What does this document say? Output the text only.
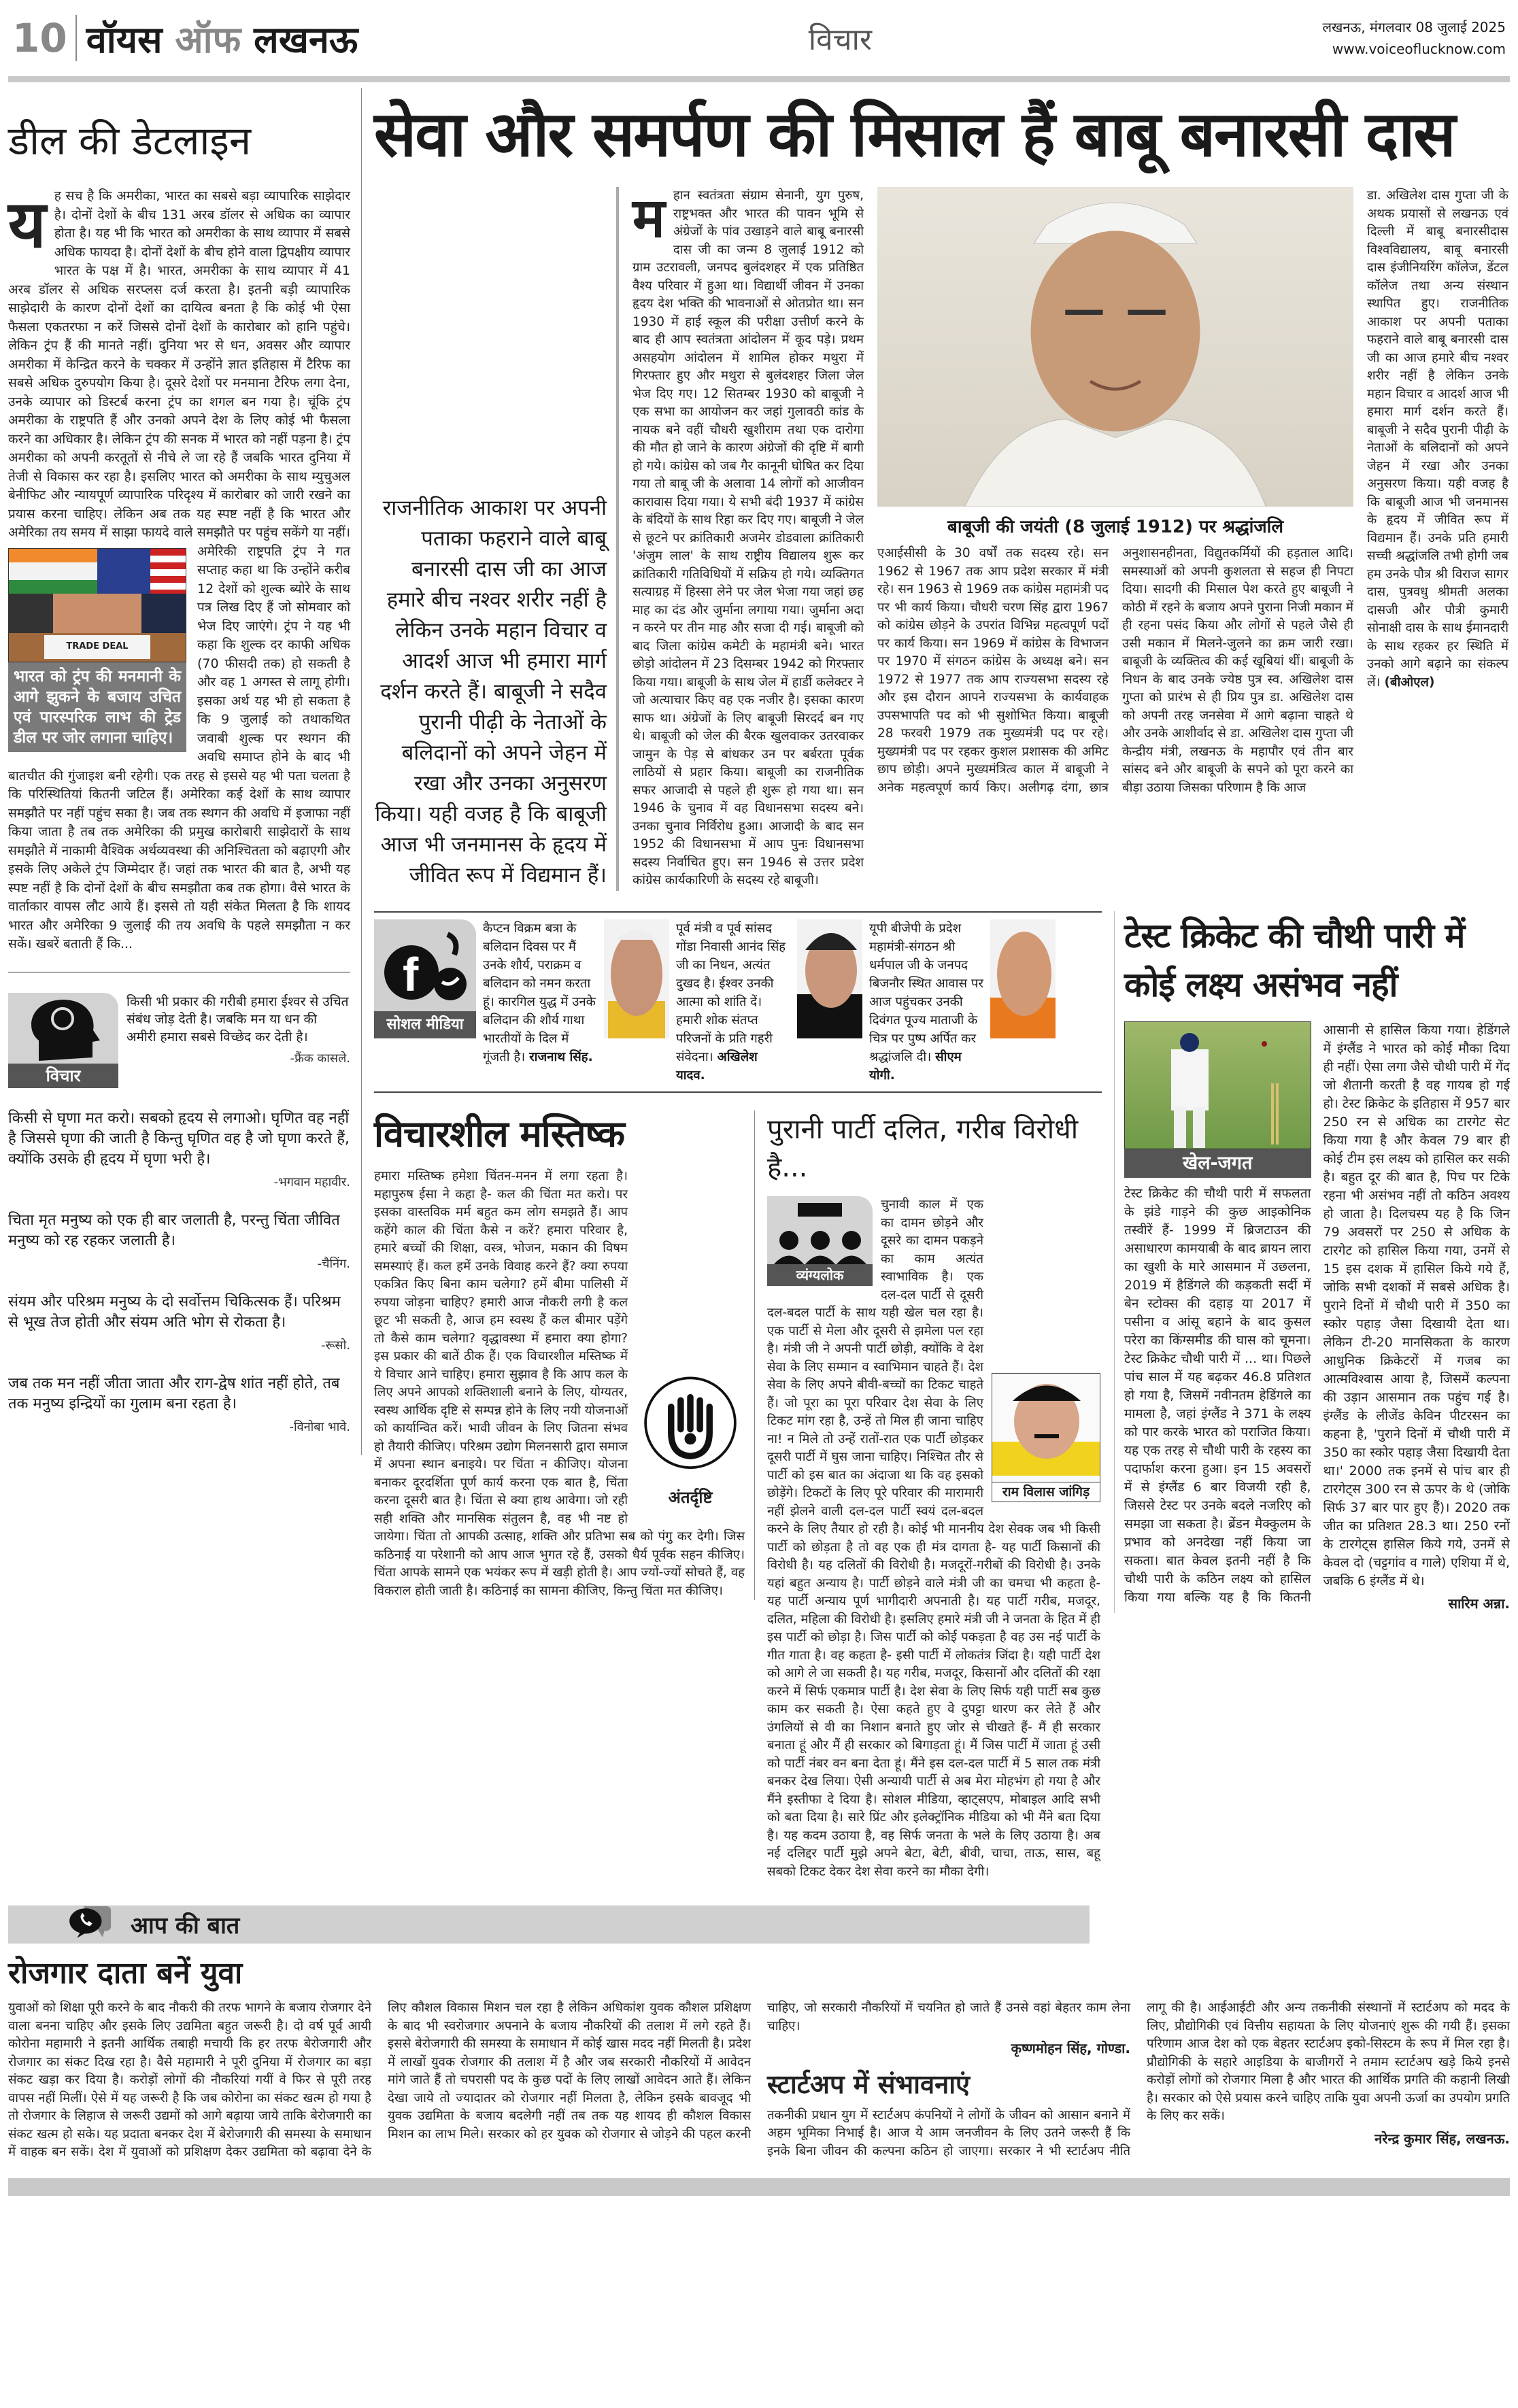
10 वॉयस ऑफ लखनऊ	विचार	लखनऊ, मंगलवार 08 जुलाई 2025
www.voiceoflucknow.com
डील की डेटलाइन
य ह सच है कि अमरीका, भारत का सबसे बड़ा व्यापारिक साझेदार है। दोनों देशों के बीच 131 अरब डॉलर से अधिक का व्यापार होता है। यह भी कि भारत को अमरीका के साथ व्यापार में सबसे अधिक फायदा है। दोनों देशों के बीच होने वाला द्विपक्षीय व्यापार भारत के पक्ष में है। भारत, अमरीका के साथ व्यापार में 41 अरब डॉलर से अधिक सरप्लस दर्ज करता है। इतनी बड़ी व्यापारिक साझेदारी के कारण दोनों देशों का दायित्व बनता है कि कोई भी ऐसा फैसला एकतरफा न करें जिससे दोनों देशों के कारोबार को हानि पहुंचे। लेकिन ट्रंप हैं की मानते नहीं। दुनिया भर से धन, अवसर और व्यापार अमरीका में केन्द्रित करने के चक्कर में उन्होंने ज्ञात इतिहास में टैरिफ का सबसे अधिक दुरुपयोग किया है। दूसरे देशों पर मनमाना टैरिफ लगा देना, उनके व्यापार को डिस्टर्ब करना ट्रंप का शगल बन गया है। चूंकि ट्रंप अमरीका के राष्ट्रपति हैं और उनको अपने देश के लिए कोई भी फैसला करने का अधिकार है। लेकिन ट्रंप की सनक में भारत को नहीं पड़ना है। ट्रंप अमरीका को अपनी करतूतों से नीचे ले जा रहे हैं जबकि भारत दुनिया में तेजी से विकास कर रहा है। इसलिए भारत को अमरीका के साथ म्युचुअल बेनीफिट और न्यायपूर्ण व्यापारिक परिदृश्य में कारोबार को जारी रखने का प्रयास करना चाहिए। लेकिन अब तक यह स्पष्ट नहीं है कि भारत और अमेरिका तय समय में साझा फायदे वाले समझौते पर पहुंच सकेंगे या नहीं।
TRADE DEAL
भारत को ट्रंप की मनमानी के आगे झुकने के बजाय उचित एवं पारस्परिक लाभ की ट्रेड डील पर जोर लगाना चाहिए।
अमेरिकी राष्ट्रपति ट्रंप ने गत सप्ताह कहा था कि उन्होंने करीब 12 देशों को शुल्क ब्योरे के साथ पत्र लिख दिए हैं जो सोमवार को भेज दिए जाएंगे। ट्रंप ने यह भी कहा कि शुल्क दर काफी अधिक (70 फीसदी तक) हो सकती है और वह 1 अगस्त से लागू होगी। इसका अर्थ यह भी हो सकता है कि 9 जुलाई को तथाकथित जवाबी शुल्क पर स्थगन की अवधि समाप्त होने के बाद भी बातचीत की गुंजाइश बनी रहेगी। एक तरह से इससे यह भी पता चलता है कि परिस्थितियां कितनी जटिल हैं। अमेरिका कई देशों के साथ व्यापार समझौते पर नहीं पहुंच सका है। जब तक स्थगन की अवधि में इजाफा नहीं किया जाता है तब तक अमेरिका की प्रमुख कारोबारी साझेदारों के साथ समझौते में नाकामी वैश्विक अर्थव्यवस्था की अनिश्चितता को बढ़ाएगी और इसके लिए अकेले ट्रंप जिम्मेदार हैं। जहां तक भारत की बात है, अभी यह स्पष्ट नहीं है कि दोनों देशों के बीच समझौता कब तक होगा। वैसे भारत के वार्ताकार वापस लौट आये हैं। इससे तो यही संकेत मिलता है कि शायद भारत और अमेरिका 9 जुलाई की तय अवधि के पहले समझौता न कर सकें। खबरें बताती हैं कि...
विचार
किसी भी प्रकार की गरीबी हमारा ईश्वर से उचित संबंध जोड़ देती है। जबकि मन या धन की अमीरी हमारा सबसे विच्छेद कर देती है।
-फ्रैंक कासले.
किसी से घृणा मत करो। सबको हृदय से लगाओ। घृणित वह नहीं है जिससे घृणा की जाती है किन्तु घृणित वह है जो घृणा करते हैं, क्योंकि उसके ही हृदय में घृणा भरी है।
-भगवान महावीर.
चिता मृत मनुष्य को एक ही बार जलाती है, परन्तु चिंता जीवित मनुष्य को रह रहकर जलाती है।
-चैनिंग.
संयम और परिश्रम मनुष्य के दो सर्वोत्तम चिकित्सक हैं। परिश्रम से भूख तेज होती और संयम अति भोग से रोकता है।
-रूसो.
जब तक मन नहीं जीता जाता और राग-द्वेष शांत नहीं होते, तब तक मनुष्य इन्द्रियों का गुलाम बना रहता है।
-विनोबा भावे.
सेवा और समर्पण की मिसाल हैं बाबू बनारसी दास
राजनीतिक आकाश पर अपनी पताका फहराने वाले बाबू बनारसी दास जी का आज हमारे बीच नश्वर शरीर नहीं है लेकिन उनके महान विचार व आदर्श आज भी हमारा मार्ग दर्शन करते हैं। बाबूजी ने सदैव पुरानी पीढ़ी के नेताओं के बलिदानों को अपने जेहन में रखा और उनका अनुसरण किया। यही वजह है कि बाबूजी आज भी जनमानस के हृदय में जीवित रूप में विद्यमान हैं।
म हान स्वतंत्रता संग्राम सेनानी, युग पुरुष, राष्ट्रभक्त और भारत की पावन भूमि से अंग्रेजों के पांव उखाड़ने वाले बाबू बनारसी दास जी का जन्म 8 जुलाई 1912 को ग्राम उटरावली, जनपद बुलंदशहर में एक प्रतिष्ठित वैश्य परिवार में हुआ था। विद्यार्थी जीवन में उनका हृदय देश भक्ति की भावनाओं से ओतप्रोत था। सन 1930 में हाई स्कूल की परीक्षा उत्तीर्ण करने के बाद ही आप स्वतंत्रता आंदोलन में कूद पड़े। प्रथम असहयोग आंदोलन में शामिल होकर मथुरा में गिरफ्तार हुए और मथुरा से बुलंदशहर जिला जेल भेज दिए गए। 12 सितम्बर 1930 को बाबूजी ने एक सभा का आयोजन कर जहां गुलावठी कांड के नायक बने वहीं चौधरी खुशीराम तथा एक दारोगा की मौत हो जाने के कारण अंग्रेजों की दृष्टि में बागी हो गये। कांग्रेस को जब गैर कानूनी घोषित कर दिया गया तो बाबू जी के अलावा 14 लोगों को आजीवन कारावास दिया गया। ये सभी बंदी 1937 में कांग्रेस के बंदियों के साथ रिहा कर दिए गए। बाबूजी ने जेल से छूटने पर क्रांतिकारी अजमेर डोडवाला क्रांतिकारी 'अंजुम लाल' के साथ राष्ट्रीय विद्यालय शुरू कर क्रांतिकारी गतिविधियों में सक्रिय हो गये। व्यक्तिगत सत्याग्रह में हिस्सा लेने पर जेल भेजा गया जहां छह माह का दंड और जुर्माना लगाया गया। जुर्माना अदा न करने पर तीन माह और सजा दी गई। बाबूजी को बाद जिला कांग्रेस कमेटी के महामंत्री बने। भारत छोड़ो आंदोलन में 23 दिसम्बर 1942 को गिरफ्तार किया गया। बाबूजी के साथ जेल में हार्डी कलेक्टर ने जो अत्याचार किए वह एक नजीर है। इसका कारण साफ था। अंग्रेजों के लिए बाबूजी सिरदर्द बन गए थे। बाबूजी को जेल की बैरक खुलवाकर उतरवाकर जामुन के पेड़ से बांधकर उन पर बर्बरता पूर्वक लाठियों से प्रहार किया। बाबूजी का राजनीतिक सफर आजादी से पहले ही शुरू हो गया था। सन 1946 के चुनाव में वह विधानसभा सदस्य बने। उनका चुनाव निर्विरोध हुआ। आजादी के बाद सन 1952 की विधानसभा में आप पुनः विधानसभा सदस्य निर्वाचित हुए। सन 1946 से उत्तर प्रदेश कांग्रेस कार्यकारिणी के सदस्य रहे बाबूजी।
बाबूजी की जयंती (8 जुलाई 1912) पर श्रद्धांजलि
एआईसीसी के 30 वर्षों तक सदस्य रहे। सन 1962 से 1967 तक आप प्रदेश सरकार में मंत्री रहे। सन 1963 से 1969 तक कांग्रेस महामंत्री पद पर भी कार्य किया। चौधरी चरण सिंह द्वारा 1967 को कांग्रेस छोड़ने के उपरांत विभिन्न महत्वपूर्ण पदों पर कार्य किया। सन 1969 में कांग्रेस के विभाजन पर 1970 में संगठन कांग्रेस के अध्यक्ष बने। सन 1972 से 1977 तक आप राज्यसभा सदस्य रहे और इस दौरान आपने राज्यसभा के कार्यवाहक उपसभापति पद को भी सुशोभित किया। बाबूजी 28 फरवरी 1979 तक मुख्यमंत्री पद पर रहे। मुख्यमंत्री पद पर रहकर कुशल प्रशासक की अमिट छाप छोड़ी। अपने मुख्यमंत्रित्व काल में बाबूजी ने अनेक महत्वपूर्ण कार्य किए। अलीगढ़ दंगा, छात्र अनुशासनहीनता, विद्युतकर्मियों की हड़ताल आदि। समस्याओं को अपनी कुशलता से सहज ही निपटा दिया। सादगी की मिसाल पेश करते हुए बाबूजी ने कोठी में रहने के बजाय अपने पुराना निजी मकान में ही रहना पसंद किया और लोगों से पहले जैसे ही उसी मकान में मिलने-जुलने का क्रम जारी रखा। बाबूजी के व्यक्तित्व की कई खूबियां थीं। बाबूजी के निधन के बाद उनके ज्येष्ठ पुत्र स्व. अखिलेश दास गुप्ता को प्रारंभ से ही प्रिय पुत्र डा. अखिलेश दास को अपनी तरह जनसेवा में आगे बढ़ाना चाहते थे और उनके आशीर्वाद से डा. अखिलेश दास गुप्ता जी केन्द्रीय मंत्री, लखनऊ के महापौर एवं तीन बार सांसद बने और बाबूजी के सपने को पूरा करने का बीड़ा उठाया जिसका परिणाम है कि आज
डा. अखिलेश दास गुप्ता जी के अथक प्रयासों से लखनऊ एवं दिल्ली में बाबू बनारसीदास विश्वविद्यालय, बाबू बनारसी दास इंजीनियरिंग कॉलेज, डेंटल कॉलेज तथा अन्य संस्थान स्थापित हुए। राजनीतिक आकाश पर अपनी पताका फहराने वाले बाबू बनारसी दास जी का आज हमारे बीच नश्वर शरीर नहीं है लेकिन उनके महान विचार व आदर्श आज भी हमारा मार्ग दर्शन करते हैं। बाबूजी ने सदैव पुरानी पीढ़ी के नेताओं के बलिदानों को अपने जेहन में रखा और उनका अनुसरण किया। यही वजह है कि बाबूजी आज भी जनमानस के हृदय में जीवित रूप में विद्यमान हैं। उनके प्रति हमारी सच्ची श्रद्धांजलि तभी होगी जब हम उनके पौत्र श्री विराज सागर दास, पुत्रवधु श्रीमती अलका दासजी और पौत्री कुमारी सोनाक्षी दास के साथ ईमानदारी के साथ रहकर हर स्थिति में उनको आगे बढ़ाने का संकल्प लें। (बीओएल)
f
सोशल मीडिया
कैप्टन विक्रम बत्रा के बलिदान दिवस पर मैं उनके शौर्य, पराक्रम व बलिदान को नमन करता हूं। कारगिल युद्ध में उनके बलिदान की शौर्य गाथा भारतीयों के दिल में गूंजती है। राजनाथ सिंह.
पूर्व मंत्री व पूर्व सांसद गोंडा निवासी आनंद सिंह जी का निधन, अत्यंत दुखद है। ईश्वर उनकी आत्मा को शांति दें। हमारी शोक संतप्त परिजनों के प्रति गहरी संवेदना। अखिलेश यादव.
यूपी बीजेपी के प्रदेश महामंत्री-संगठन श्री धर्मपाल जी के जनपद बिजनौर स्थित आवास पर आज पहुंचकर उनकी दिवंगत पूज्य माताजी के चित्र पर पुष्प अर्पित कर श्रद्धांजलि दी। सीएम योगी.
विचारशील मस्तिष्क
अंतर्दृष्टि
हमारा मस्तिष्क हमेशा चिंतन-मनन में लगा रहता है। महापुरुष ईसा ने कहा है- कल की चिंता मत करो। पर इसका वास्तविक मर्म बहुत कम लोग समझते हैं। आप कहेंगे काल की चिंता कैसे न करें? हमारा परिवार है, हमारे बच्चों की शिक्षा, वस्त्र, भोजन, मकान की विषम समस्याएं हैं। कल हमें उनके विवाह करने हैं? क्या रुपया एकत्रित किए बिना काम चलेगा? हमें बीमा पालिसी में रुपया जोड़ना चाहिए? हमारी आज नौकरी लगी है कल छूट भी सकती है, आज हम स्वस्थ हैं कल बीमार पड़ेंगे तो कैसे काम चलेगा? वृद्धावस्था में हमारा क्या होगा? इस प्रकार की बातें ठीक हैं। एक विचारशील मस्तिष्क में ये विचार आने चाहिए। हमारा सुझाव है कि आप कल के लिए अपने आपको शक्तिशाली बनाने के लिए, योग्यतर, स्वस्थ आर्थिक दृष्टि से सम्पन्न होने के लिए नयी योजनाओं को कार्यान्वित करें। भावी जीवन के लिए जितना संभव हो तैयारी कीजिए। परिश्रम उद्योग मिलनसारी द्वारा समाज में अपना स्थान बनाइये। पर चिंता न कीजिए। योजना बनाकर दूरदर्शिता पूर्ण कार्य करना एक बात है, चिंता करना दूसरी बात है। चिंता से क्या हाथ आवेगा। जो रही सही शक्ति और मानसिक संतुलन है, वह भी नष्ट हो जायेगा। चिंता तो आपकी उत्साह, शक्ति और प्रतिभा सब को पंगु कर देगी। जिस कठिनाई या परेशानी को आप आज भुगत रहे हैं, उसको धैर्य पूर्वक सहन कीजिए। चिंता आपके सामने एक भयंकर रूप में खड़ी होती है। आप ज्यों-ज्यों सोचते हैं, वह विकराल होती जाती है। कठिनाई का सामना कीजिए, किन्तु चिंता मत कीजिए।
पुरानी पार्टी दलित, गरीब विरोधी है...
व्यंग्यलोक
राम विलास जांगिड़
चुनावी काल में एक का दामन छोड़ने और दूसरे का दामन पकड़ने का काम अत्यंत स्वाभाविक है। एक दल-दल पार्टी से दूसरी दल-बदल पार्टी के साथ यही खेल चल रहा है। एक पार्टी से मेला और दूसरी से झमेला पल रहा है। मंत्री जी ने अपनी पार्टी छोड़ी, क्योंकि वे देश सेवा के लिए सम्मान व स्वाभिमान चाहते हैं। देश सेवा के लिए अपने बीवी-बच्चों का टिकट चाहते हैं। जो पूरा का पूरा परिवार देश सेवा के लिए टिकट मांग रहा है, उन्हें तो मिल ही जाना चाहिए ना! न मिले तो उन्हें रातों-रात एक पार्टी छोड़कर दूसरी पार्टी में घुस जाना चाहिए। निश्चित तौर से पार्टी को इस बात का अंदाजा था कि वह इसको छोड़ेंगे। टिकटों के लिए पूरे परिवार की मारामारी नहीं झेलने वाली दल-दल पार्टी स्वयं दल-बदल करने के लिए तैयार हो रही है। कोई भी माननीय देश सेवक जब भी किसी पार्टी को छोड़ता है तो वह एक ही मंत्र दागता है- यह पार्टी किसानों की विरोधी है। यह दलितों की विरोधी है। मजदूरों-गरीबों की विरोधी है। उनके यहां बहुत अन्याय है। पार्टी छोड़ने वाले मंत्री जी का चमचा भी कहता है- यह पार्टी अन्याय पूर्ण भागीदारी अपनाती है। यह पार्टी गरीब, मजदूर, दलित, महिला की विरोधी है। इसलिए हमारे मंत्री जी ने जनता के हित में ही इस पार्टी को छोड़ा है। जिस पार्टी को कोई पकड़ता है वह उस नई पार्टी के गीत गाता है। वह कहता है- इसी पार्टी में लोकतंत्र जिंदा है। यही पार्टी देश को आगे ले जा सकती है। यह गरीब, मजदूर, किसानों और दलितों की रक्षा करने में सिर्फ एकमात्र पार्टी है। देश सेवा के लिए सिर्फ यही पार्टी सब कुछ काम कर सकती है। ऐसा कहते हुए वे दुपट्टा धारण कर लेते हैं और उंगलियों से वी का निशान बनाते हुए जोर से चीखते हैं- मैं ही सरकार बनाता हूं और मैं ही सरकार को बिगाड़ता हूं। मैं जिस पार्टी में जाता हूं उसी को पार्टी नंबर वन बना देता हूं। मैंने इस दल-दल पार्टी में 5 साल तक मंत्री बनकर देख लिया। ऐसी अन्यायी पार्टी से अब मेरा मोहभंग हो गया है और मैंने इस्तीफा दे दिया है। सोशल मीडिया, व्हाट्सएप, मोबाइल आदि सभी को बता दिया है। सारे प्रिंट और इलेक्ट्रॉनिक मीडिया को भी मैंने बता दिया है। यह कदम उठाया है, वह सिर्फ जनता के भले के लिए उठाया है। अब नई दलिद्दर पार्टी मुझे अपने बेटा, बेटी, बीवी, चाचा, ताऊ, सास, बहू सबको टिकट देकर देश सेवा करने का मौका देगी।
टेस्ट क्रिकेट की चौथी पारी में कोई लक्ष्य असंभव नहीं
खेल-जगत
टेस्ट क्रिकेट की चौथी पारी में सफलता के झंडे गाड़ने की कुछ आइकोनिक तस्वीरें हैं- 1999 में ब्रिजटाउन की असाधारण कामयाबी के बाद ब्रायन लारा का खुशी के मारे आसमान में उछलना, 2019 में हैडिंगले की कड़कती सर्दी में बेन स्टोक्स की दहाड़ या 2017 में पसीना व आंसू बहाने के बाद कुसल परेरा का किंग्समीड की घास को चूमना। टेस्ट क्रिकेट चौथी पारी में ... था। पिछले पांच साल में यह बढ़कर 46.8 प्रतिशत हो गया है, जिसमें नवीनतम हेडिंगले का मामला है, जहां इंग्लैंड ने 371 के लक्ष्य को पार करके भारत को पराजित किया। यह एक तरह से चौथी पारी के रहस्य का पदार्फाश करना हुआ। इन 15 अवसरों में से इंग्लैंड 6 बार विजयी रही है, जिससे टेस्ट पर उनके बदले नजरिए को समझा जा सकता है। ब्रेंडन मैक्कुलम के प्रभाव को अनदेखा नहीं किया जा सकता। बात केवल इतनी नहीं है कि चौथी पारी के कठिन लक्ष्य को हासिल किया गया बल्कि यह है कि कितनी आसानी से हासिल किया गया। हेडिंगले में इंग्लैंड ने भारत को कोई मौका दिया ही नहीं। ऐसा लगा जैसे चौथी पारी में गेंद जो शैतानी करती है वह गायब हो गई हो। टेस्ट क्रिकेट के इतिहास में 957 बार 250 रन से अधिक का टारगेट सेट किया गया है और केवल 79 बार ही कोई टीम इस लक्ष्य को हासिल कर सकी है। बहुत दूर की बात है, पिच पर टिके रहना भी असंभव नहीं तो कठिन अवश्य हो जाता है। दिलचस्प यह है कि जिन 79 अवसरों पर 250 से अधिक के टारगेट को हासिल किया गया, उनमें से 15 इस दशक में हासिल किये गये हैं, जोकि सभी दशकों में सबसे अधिक है। पुराने दिनों में चौथी पारी में 350 का स्कोर पहाड़ जैसा दिखायी देता था। लेकिन टी-20 मानसिकता के कारण आधुनिक क्रिकेटरों में गजब का आत्मविश्वास आया है, जिसमें कल्पना की उड़ान आसमान तक पहुंच गई है। इंग्लैंड के लीजेंड केविन पीटरसन का कहना है, 'पुराने दिनों में चौथी पारी में 350 का स्कोर पहाड़ जैसा दिखायी देता था।' 2000 तक इनमें से पांच बार ही टारगेट्स 300 रन से ऊपर के थे (जोकि सिर्फ 37 बार पार हुए हैं)। 2020 तक जीत का प्रतिशत 28.3 था। 250 रनों के टारगेट्स हासिल किये गये, उनमें से केवल दो (चट्टगांव व गाले) एशिया में थे, जबकि 6 इंग्लैंड में थे।
सारिम अन्ना.
आप की बात
रोजगार दाता बनें युवा
युवाओं को शिक्षा पूरी करने के बाद नौकरी की तरफ भागने के बजाय रोजगार देने वाला बनना चाहिए और इसके लिए उद्यमिता बहुत जरूरी है। दो वर्ष पूर्व आयी कोरोना महामारी ने इतनी आर्थिक तबाही मचायी कि हर तरफ बेरोजगारी और रोजगार का संकट दिख रहा है। वैसे महामारी ने पूरी दुनिया में रोजगार का बड़ा संकट खड़ा कर दिया है। करोड़ों लोगों की नौकरियां गयीं वे फिर से पूरी तरह वापस नहीं मिलीं। ऐसे में यह जरूरी है कि जब कोरोना का संकट खत्म हो गया है तो रोजगार के लिहाज से जरूरी उद्यमों को आगे बढ़ाया जाये ताकि बेरोजगारी का संकट खत्म हो सके। यह प्रदाता बनकर देश में बेरोजगारी की समस्या के समाधान में वाहक बन सकें। देश में युवाओं को प्रशिक्षण देकर उद्यमिता को बढ़ावा देने के लिए कौशल विकास मिशन चल रहा है लेकिन अधिकांश युवक कौशल प्रशिक्षण के बाद भी स्वरोजगार अपनाने के बजाय नौकरियों की तलाश में लगे रहते हैं। इससे बेरोजगारी की समस्या के समाधान में कोई खास मदद नहीं मिलती है। प्रदेश में लाखों युवक रोजगार की तलाश में है और जब सरकारी नौकरियों में आवेदन मांगे जाते हैं तो चपरासी पद के कुछ पदों के लिए लाखों आवेदन आते हैं। लेकिन देखा जाये तो ज्यादातर को रोजगार नहीं मिलता है, लेकिन इसके बावजूद भी युवक उद्यमिता के बजाय बदलेगी नहीं तब तक यह शायद ही कौशल विकास मिशन का लाभ मिले। सरकार को हर युवक को रोजगार से जोड़ने की पहल करनी चाहिए, जो सरकारी नौकरियों में चयनित हो जाते हैं उनसे वहां बेहतर काम लेना चाहिए।
कृष्णमोहन सिंह, गोण्डा.
स्टार्टअप में संभावनाएं
तकनीकी प्रधान युग में स्टार्टअप कंपनियों ने लोगों के जीवन को आसान बनाने में अहम भूमिका निभाई है। आज ये आम जनजीवन के लिए उतने जरूरी हैं कि इनके बिना जीवन की कल्पना कठिन हो जाएगा। सरकार ने भी स्टार्टअप नीति लागू की है। आईआईटी और अन्य तकनीकी संस्थानों में स्टार्टअप को मदद के लिए, प्रौद्योगिकी एवं वित्तीय सहायता के लिए योजनाएं शुरू की गयी हैं। इसका परिणाम आज देश को एक बेहतर स्टार्टअप इको-सिस्टम के रूप में मिल रहा है। प्रौद्योगिकी के सहारे आइडिया के बाजीगरों ने तमाम स्टार्टअप खड़े किये इनसे करोड़ों लोगों को रोजगार मिला है और भारत की आर्थिक प्रगति की कहानी लिखी है। सरकार को ऐसे प्रयास करने चाहिए ताकि युवा अपनी ऊर्जा का उपयोग प्रगति के लिए कर सकें।
नरेन्द्र कुमार सिंह, लखनऊ.
